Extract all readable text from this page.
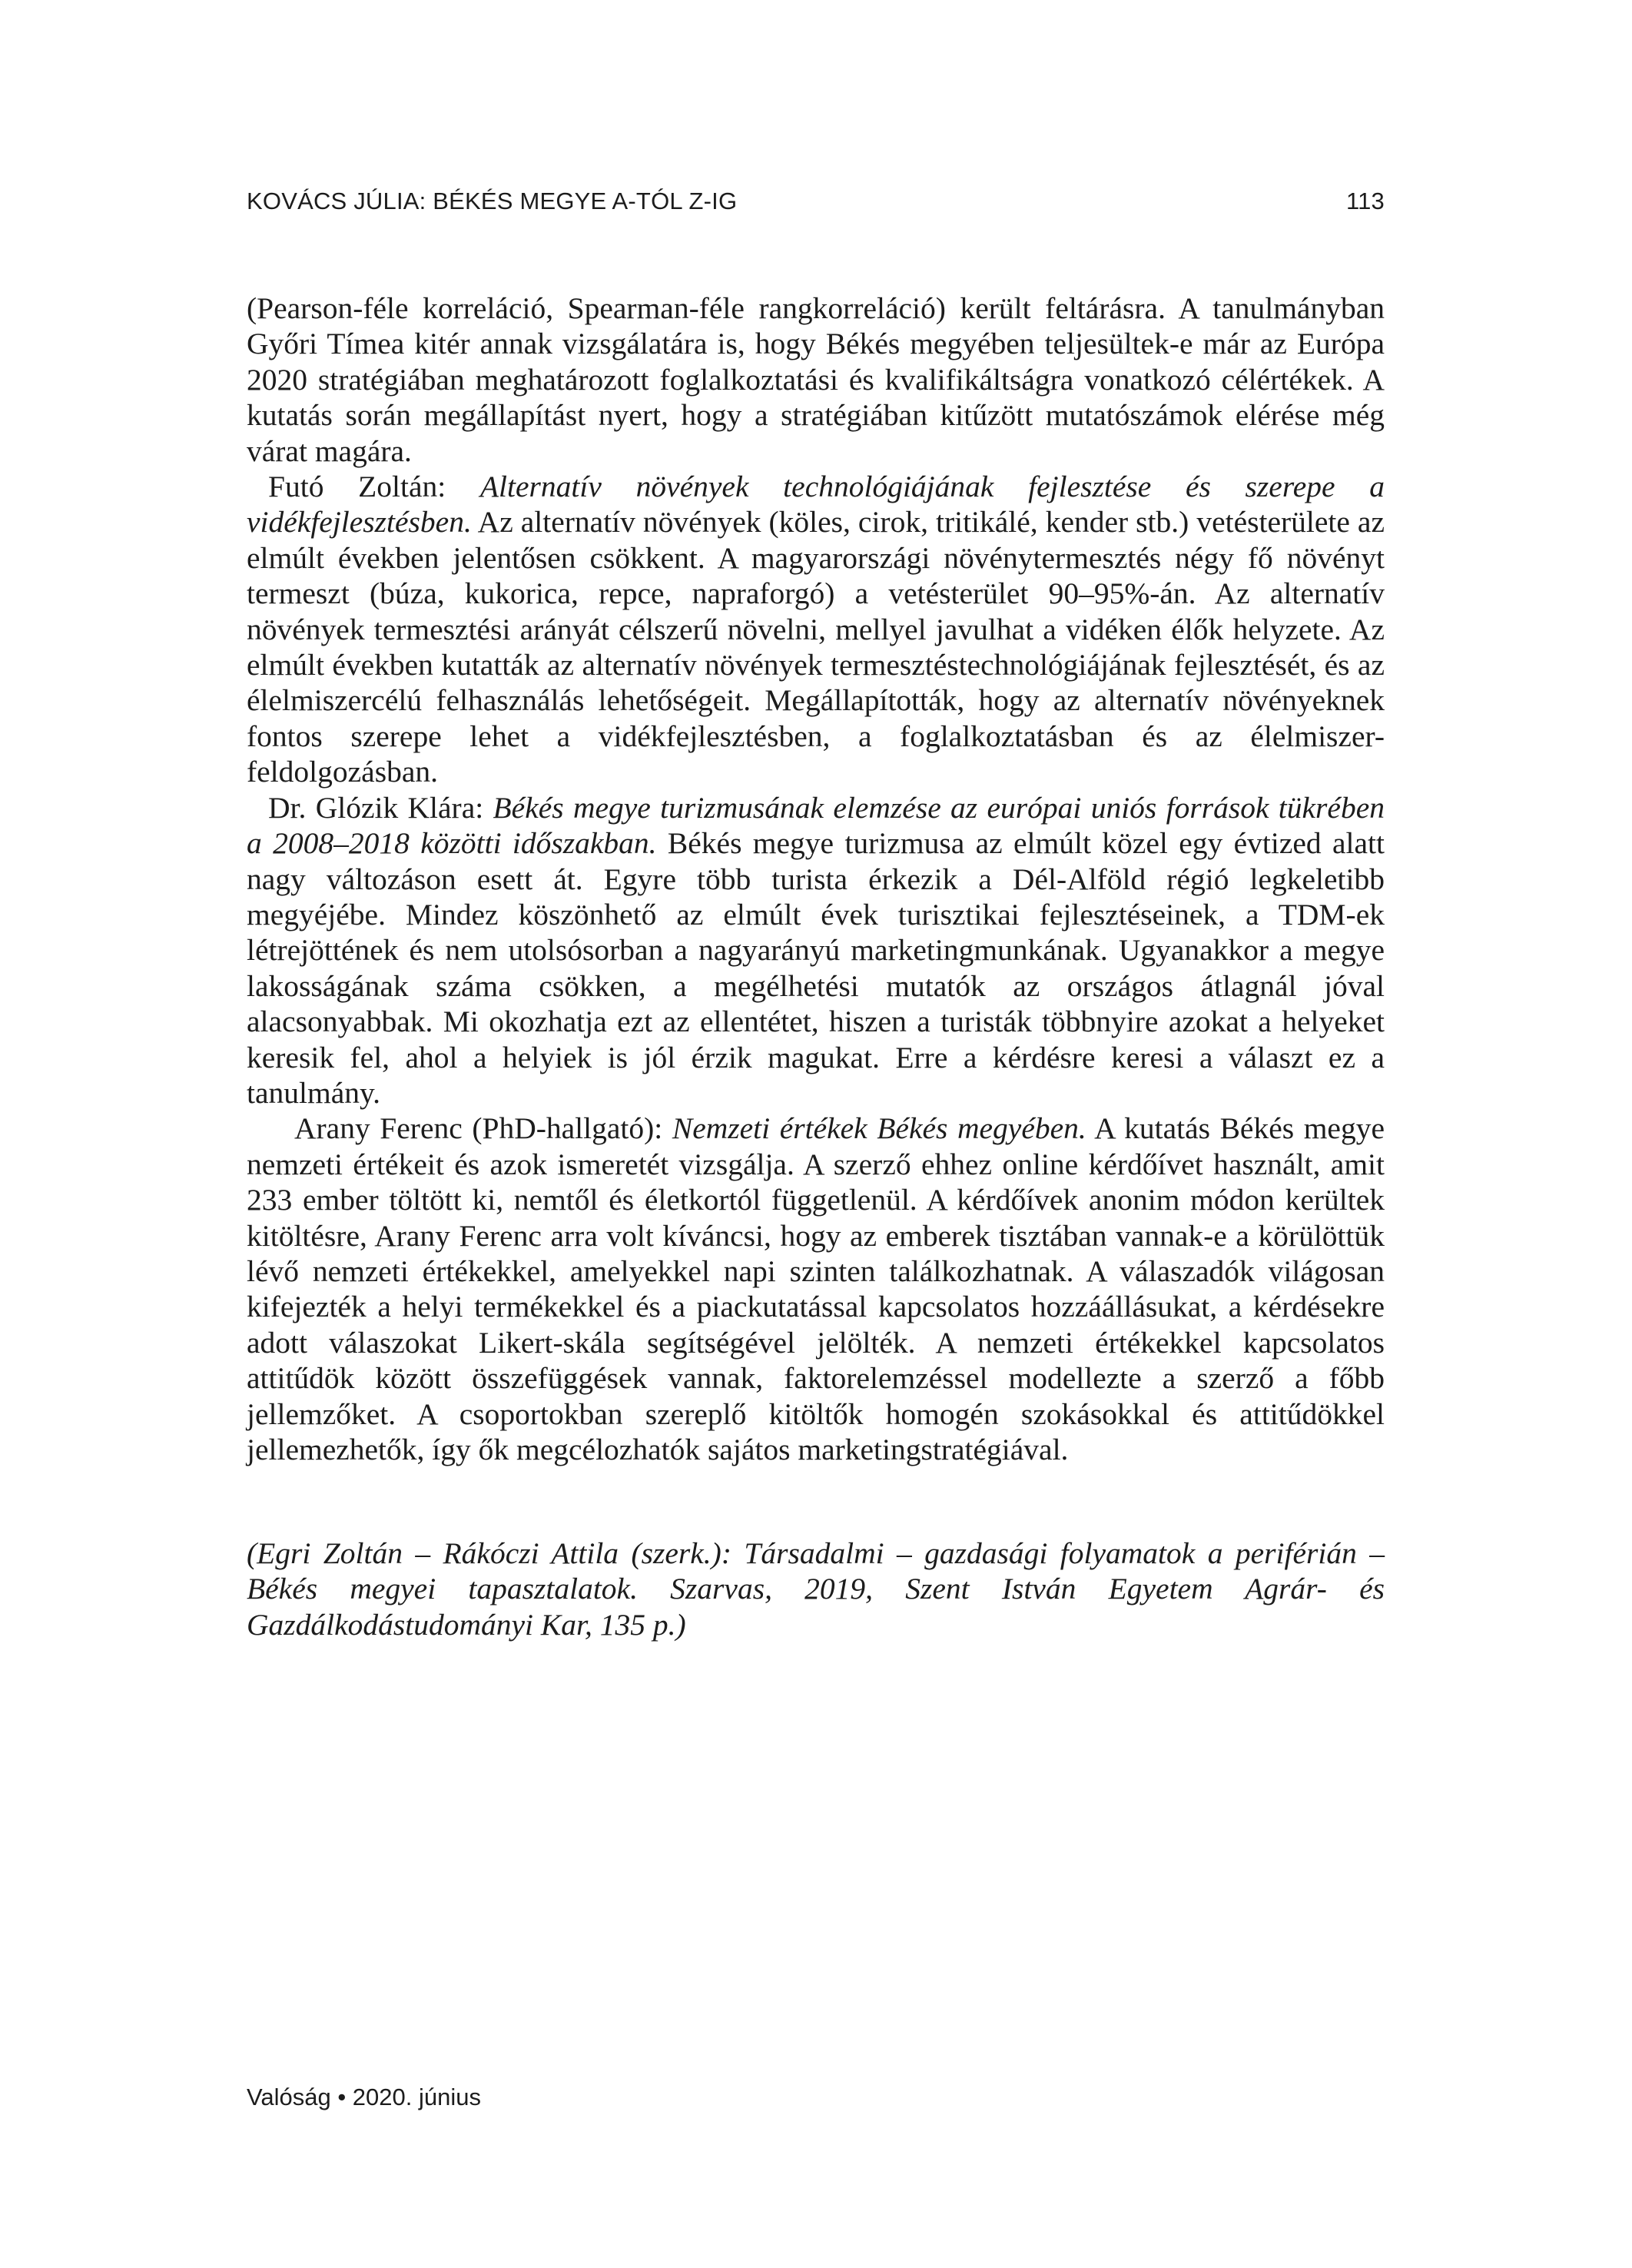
KOVÁCS JÚLIA: BÉKÉS MEGYE A-TÓL Z-IG	113

(Pearson-féle korreláció, Spearman-féle rangkorreláció) került feltárásra. A tanulmányban Győri Tímea kitér annak vizsgálatára is, hogy Békés megyében teljesültek-e már az Európa 2020 stratégiában meghatározott foglalkoztatási és kvalifikáltságra vonatkozó célértékek. A kutatás során megállapítást nyert, hogy a stratégiában kitűzött mutatószámok elérése még várat magára.

Futó Zoltán: Alternatív növények technológiájának fejlesztése és szerepe a vidékfejlesztésben. Az alternatív növények (köles, cirok, tritikálé, kender stb.) vetésterülete az elmúlt években jelentősen csökkent. A magyarországi növénytermesztés négy fő növényt termeszt (búza, kukorica, repce, napraforgó) a vetésterület 90–95%-án. Az alternatív növények termesztési arányát célszerű növelni, mellyel javulhat a vidéken élők helyzete. Az elmúlt években kutatták az alternatív növények termesztéstechnológiájának fejlesztését, és az élelmiszercélú felhasználás lehetőségeit. Megállapították, hogy az alternatív növényeknek fontos szerepe lehet a vidékfejlesztésben, a foglalkoztatásban és az élelmiszer-feldolgozásban.

Dr. Glózik Klára: Békés megye turizmusának elemzése az európai uniós források tükrében a 2008–2018 közötti időszakban. Békés megye turizmusa az elmúlt közel egy évtized alatt nagy változáson esett át. Egyre több turista érkezik a Dél-Alföld régió legkeletibb megyéjébe. Mindez köszönhető az elmúlt évek turisztikai fejlesztéseinek, a TDM-ek létrejöttének és nem utolsósorban a nagyarányú marketingmunkának. Ugyanakkor a megye lakosságának száma csökken, a megélhetési mutatók az országos átlagnál jóval alacsonyabbak. Mi okozhatja ezt az ellentétet, hiszen a turisták többnyire azokat a helyeket keresik fel, ahol a helyiek is jól érzik magukat. Erre a kérdésre keresi a választ ez a tanulmány.

Arany Ferenc (PhD-hallgató): Nemzeti értékek Békés megyében. A kutatás Békés megye nemzeti értékeit és azok ismeretét vizsgálja. A szerző ehhez online kérdőívet használt, amit 233 ember töltött ki, nemtől és életkortól függetlenül. A kérdőívek anonim módon kerültek kitöltésre, Arany Ferenc arra volt kíváncsi, hogy az emberek tisztában vannak-e a körülöttük lévő nemzeti értékekkel, amelyekkel napi szinten találkozhatnak. A válaszadók világosan kifejezték a helyi termékekkel és a piackutatással kapcsolatos hozzáállásukat, a kérdésekre adott válaszokat Likert-skála segítségével jelölték. A nemzeti értékekkel kapcsolatos attitűdök között összefüggések vannak, faktorelemzéssel modellezte a szerző a főbb jellemzőket. A csoportokban szereplő kitöltők homogén szokásokkal és attitűdökkel jellemezhetők, így ők megcélozhatók sajátos marketingstratégiával.

(Egri Zoltán – Rákóczi Attila (szerk.): Társadalmi – gazdasági folyamatok a periférián – Békés megyei tapasztalatok. Szarvas, 2019, Szent István Egyetem Agrár- és Gazdálkodástudományi Kar, 135 p.)

Valóság • 2020. június
